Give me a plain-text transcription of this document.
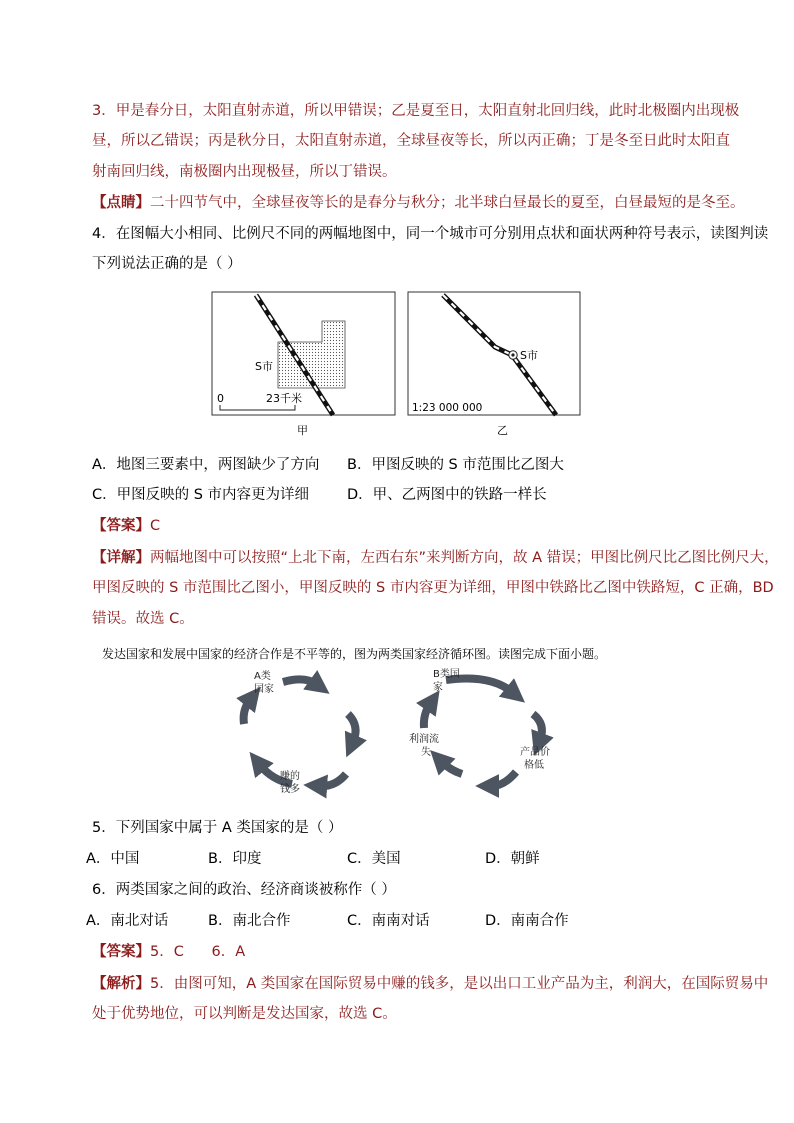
3．甲是春分日，太阳直射赤道，所以甲错误；乙是夏至日，太阳直射北回归线，此时北极圈内出现极
昼，所以乙错误；丙是秋分日，太阳直射赤道，全球昼夜等长，所以丙正确；丁是冬至日此时太阳直
射南回归线，南极圈内出现极昼，所以丁错误。
【点睛】二十四节气中，全球昼夜等长的是春分与秋分；北半球白昼最长的夏至，白昼最短的是冬至。
4．在图幅大小相同、比例尺不同的两幅地图中，同一个城市可分别用点状和面状两种符号表示，读图判读
下列说法正确的是（ ）
S市
0	23千米
甲
S市
1:23 000 000
乙
A．地图三要素中，两图缺少了方向 B．甲图反映的 S 市范围比乙图大
C．甲图反映的 S 市内容更为详细	D．甲、乙两图中的铁路一样长
【答案】C
【详解】两幅地图中可以按照“上北下南，左西右东”来判断方向，故 A 错误；甲图比例尺比乙图比例尺大，
甲图反映的 S 市范围比乙图小，甲图反映的 S 市内容更为详细，甲图中铁路比乙图中铁路短，C 正确，BD
错误。故选 C。
发达国家和发展中国家的经济合作是不平等的，图为两类国家经济循环图。读图完成下面小题。
A类
国家
赚的
钱多
B类国
家
利润流
失	产品价
格低
5．下列国家中属于 A 类国家的是（ ）
A．中国	B．印度	C．美国	D．朝鲜
6．两类国家之间的政治、经济商谈被称作（ ）
A．南北对话	B．南北合作	C．南南对话	D．南南合作
【答案】5．C      6．A
【解析】5．由图可知，A 类国家在国际贸易中赚的钱多，是以出口工业产品为主，利润大，在国际贸易中
处于优势地位，可以判断是发达国家，故选 C。
